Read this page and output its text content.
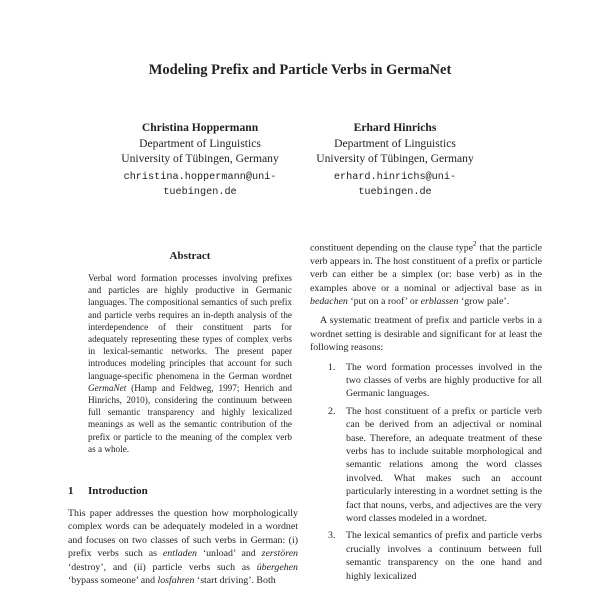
Modeling Prefix and Particle Verbs in GermaNet
Christina Hoppermann
Department of Linguistics
University of Tübingen, Germany
christina.hoppermann@uni-
tuebingen.de
Erhard Hinrichs
Department of Linguistics
University of Tübingen, Germany
erhard.hinrichs@uni-
tuebingen.de
Abstract
Verbal word formation processes involving prefixes and particles are highly productive in Germanic languages. The compositional semantics of such prefix and particle verbs requires an in-depth analysis of the interdependence of their constituent parts for adequately representing these types of complex verbs in lexical-semantic networks. The present paper introduces modeling principles that account for such language-specific phenomena in the German wordnet GermaNet (Hamp and Feldweg, 1997; Henrich and Hinrichs, 2010), considering the continuum between full semantic transparency and highly lexicalized meanings as well as the semantic contribution of the prefix or particle to the meaning of the complex verb as a whole.
1 Introduction
This paper addresses the question how morphologically complex words can be adequately modeled in a wordnet and focuses on two classes of such verbs in German: (i) prefix verbs such as entladen ‘unload’ and zerstören ‘destroy’, and (ii) particle verbs such as übergehen ‘bypass someone’ and losfahren ‘start driving’. Both

constituent depending on the clause type$^2$ that the particle verb appears in. The host constituent of a prefix or particle verb can either be a simplex (or: base verb) as in the examples above or a nominal or adjectival base as in bedachen ‘put on a roof’ or erblassen ‘grow pale’.

A systematic treatment of prefix and particle verbs in a wordnet setting is desirable and significant for at least the following reasons:

1. The word formation processes involved in the two classes of verbs are highly productive for all Germanic languages.
2. The host constituent of a prefix or particle verb can be derived from an adjectival or nominal base. Therefore, an adequate treatment of these verbs has to include suitable morphological and semantic relations among the word classes involved. What makes such an account particularly interesting in a wordnet setting is the fact that nouns, verbs, and adjectives are the very word classes modeled in a wordnet.
3. The lexical semantics of prefix and particle verbs crucially involves a continuum between full semantic transparency on the one hand and highly lexicalized
